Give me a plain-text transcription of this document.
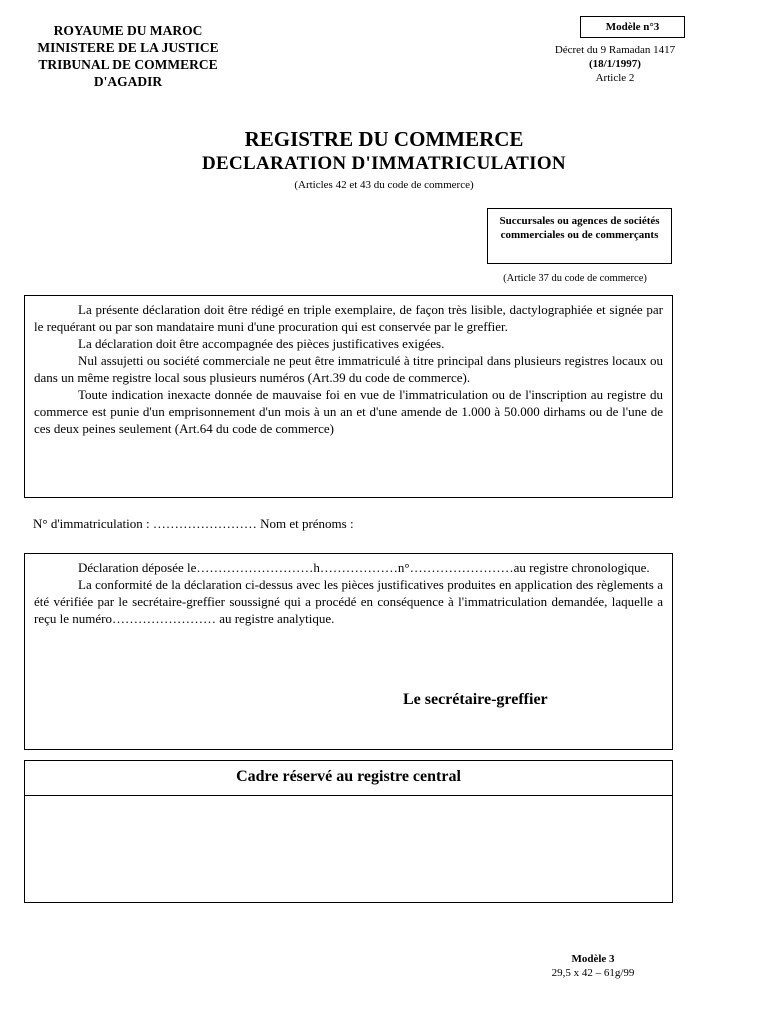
ROYAUME DU MAROC
MINISTERE DE LA JUSTICE
TRIBUNAL DE COMMERCE
D'AGADIR
Modèle n°3
Décret du 9 Ramadan 1417
(18/1/1997)
Article 2
REGISTRE DU COMMERCE
DECLARATION D'IMMATRICULATION
(Articles 42 et 43 du code de commerce)
Succursales ou agences de sociétés commerciales ou de commerçants
(Article 37 du code de commerce)

La présente déclaration doit être rédigé en triple exemplaire, de façon très lisible, dactylographiée et signée par le requérant ou par son mandataire muni d'une procuration qui est conservée par le greffier.

La déclaration doit être accompagnée des pièces justificatives exigées.

Nul assujetti ou société commerciale ne peut être immatriculé à titre principal dans plusieurs registres locaux ou dans un même registre local sous plusieurs numéros (Art.39 du code de commerce).

Toute indication inexacte donnée de mauvaise foi en vue de l'immatriculation ou de l'inscription au registre du commerce est punie d'un emprisonnement d'un mois à un an et d'une amende de 1.000 à 50.000 dirhams ou de l'une de ces deux peines seulement (Art.64 du code de commerce)

N° d'immatriculation : …………………… Nom et prénoms :

Déclaration déposée le………………………h………………n°……………………au registre chronologique.

La conformité de la déclaration ci-dessus avec les pièces justificatives produites en application des règlements a été vérifiée par le secrétaire-greffier soussigné qui a procédé en conséquence à l'immatriculation demandée, laquelle a reçu le numéro…………………… au registre analytique.

Le secrétaire-greffier
Cadre réservé au registre central
Modèle 3
29,5 x 42 – 61g/99
